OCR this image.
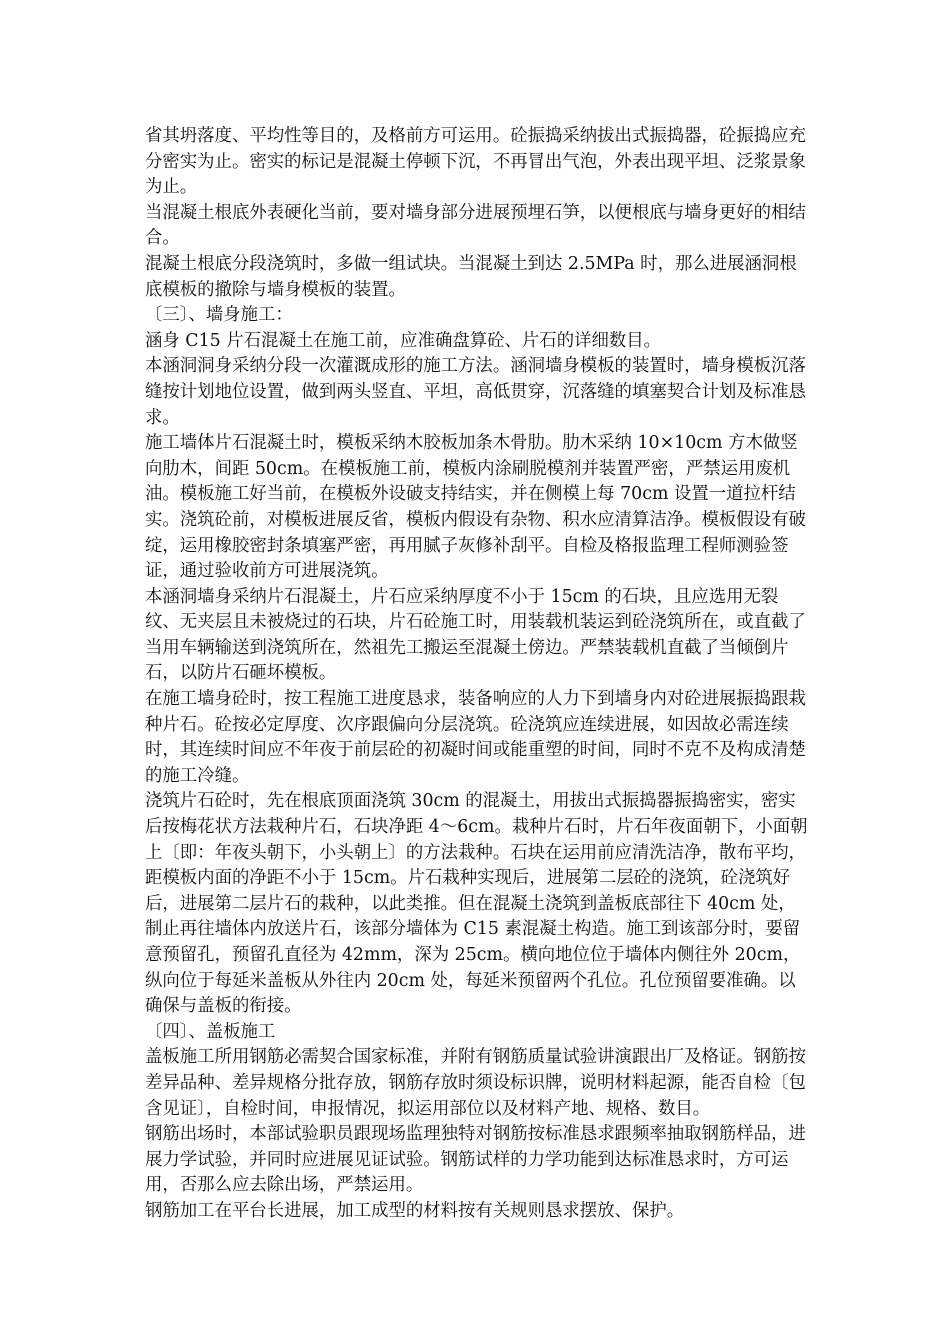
省其坍落度、平均性等目的，及格前方可运用。砼振捣采纳拔出式振捣器，砼振捣应充分密实为止。密实的标记是混凝土停顿下沉，不再冒出气泡，外表出现平坦、泛浆景象为止。

当混凝土根底外表硬化当前，要对墙身部分进展预埋石笋，以便根底与墙身更好的相结合。

混凝土根底分段浇筑时，多做一组试块。当混凝土到达 2.5MPa 时，那么进展涵洞根底模板的撤除与墙身模板的装置。

〔三〕、墙身施工：

涵身 C15 片石混凝土在施工前，应准确盘算砼、片石的详细数目。

本涵洞洞身采纳分段一次灌溉成形的施工方法。涵洞墙身模板的装置时，墙身模板沉落缝按计划地位设置，做到两头竖直、平坦，高低贯穿，沉落缝的填塞契合计划及标准恳求。

施工墙体片石混凝土时，模板采纳木胶板加条木骨肋。肋木采纳 10×10cm 方木做竖向肋木，间距 50cm。在模板施工前，模板内涂刷脱模剂并装置严密，严禁运用废机油。模板施工好当前，在模板外设破支持结实，并在侧模上每 70cm 设置一道拉杆结实。浇筑砼前，对模板进展反省，模板内假设有杂物、积水应清算洁净。模板假设有破绽，运用橡胶密封条填塞严密，再用腻子灰修补刮平。自检及格报监理工程师测验签证，通过验收前方可进展浇筑。

本涵洞墙身采纳片石混凝土，片石应采纳厚度不小于 15cm 的石块，且应选用无裂纹、无夹层且未被烧过的石块，片石砼施工时，用装载机装运到砼浇筑所在，或直截了当用车辆输送到浇筑所在，然祖先工搬运至混凝土傍边。严禁装载机直截了当倾倒片石，以防片石砸坏模板。

在施工墙身砼时，按工程施工进度恳求，装备响应的人力下到墙身内对砼进展振捣跟栽种片石。砼按必定厚度、次序跟偏向分层浇筑。砼浇筑应连续进展，如因故必需连续时，其连续时间应不年夜于前层砼的初凝时间或能重塑的时间，同时不克不及构成清楚的施工冷缝。

浇筑片石砼时，先在根底顶面浇筑 30cm 的混凝土，用拔出式振捣器振捣密实，密实后按梅花状方法栽种片石，石块净距 4～6cm。栽种片石时，片石年夜面朝下，小面朝上〔即：年夜头朝下，小头朝上〕的方法栽种。石块在运用前应清洗洁净，散布平均，距模板内面的净距不小于 15cm。片石栽种实现后，进展第二层砼的浇筑，砼浇筑好后，进展第二层片石的栽种，以此类推。但在混凝土浇筑到盖板底部往下 40cm 处，制止再往墙体内放送片石，该部分墙体为 C15 素混凝土构造。施工到该部分时，要留意预留孔，预留孔直径为 42mm，深为 25cm。横向地位位于墙体内侧往外 20cm，纵向位于每延米盖板从外往内 20cm 处，每延米预留两个孔位。孔位预留要准确。以确保与盖板的衔接。

〔四〕、盖板施工

盖板施工所用钢筋必需契合国家标准，并附有钢筋质量试验讲演跟出厂及格证。钢筋按差异品种、差异规格分批存放，钢筋存放时须设标识牌，说明材料起源，能否自检〔包含见证〕，自检时间，申报情况，拟运用部位以及材料产地、规格、数目。

钢筋出场时，本部试验职员跟现场监理独特对钢筋按标准恳求跟频率抽取钢筋样品，进展力学试验，并同时应进展见证试验。钢筋试样的力学功能到达标准恳求时，方可运用，否那么应去除出场，严禁运用。

钢筋加工在平台长进展，加工成型的材料按有关规则恳求摆放、保护。
